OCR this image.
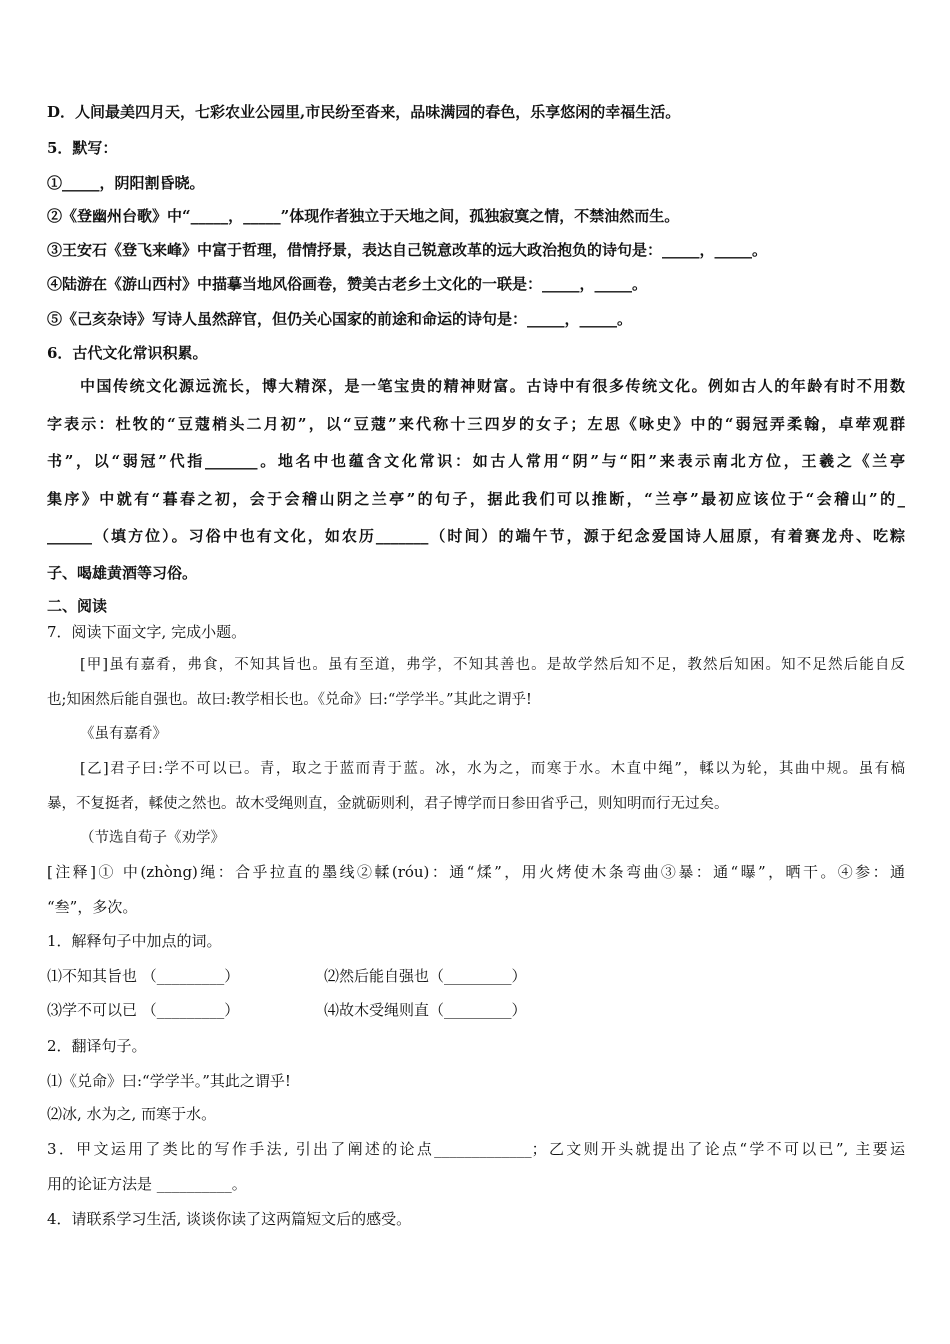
D．人间最美四月天，七彩农业公园里,市民纷至沓来，品味满园的春色，乐享悠闲的幸福生活。
5．默写：
①_____，阴阳割昏晓。
②《登幽州台歌》中“_____，_____”体现作者独立于天地之间，孤独寂寞之情，不禁油然而生。
③王安石《登飞来峰》中富于哲理，借情抒景，表达自己锐意改革的远大政治抱负的诗句是：_____，_____。
④陆游在《游山西村》中描摹当地风俗画卷，赞美古老乡土文化的一联是：_____，_____。
⑤《己亥杂诗》写诗人虽然辞官，但仍关心国家的前途和命运的诗句是：_____，_____。
6．古代文化常识积累。
中国传统文化源远流长，博大精深，是一笔宝贵的精神财富。古诗中有很多传统文化。例如古人的年龄有时不用数
字表示：杜牧的“豆蔻梢头二月初”，以“豆蔻”来代称十三四岁的女子；左思《咏史》中的“弱冠弄柔翰，卓荦观群
书”，以“弱冠”代指_______。地名中也蕴含文化常识：如古人常用“阴”与“阳”来表示南北方位，王羲之《兰亭
集序》中就有“暮春之初，会于会稽山阴之兰亭”的句子，据此我们可以推断，“兰亭”最初应该位于“会稽山”的_
______（填方位）。习俗中也有文化，如农历_______（时间）的端午节，源于纪念爱国诗人屈原，有着赛龙舟、吃粽
子、喝雄黄酒等习俗。
二、阅读
7．阅读下面文字, 完成小题。
[甲]虽有嘉肴，弗食，不知其旨也。虽有至道，弗学，不知其善也。是故学然后知不足，教然后知困。知不足然后能自反
也;知困然后能自强也。故曰:教学相长也。《兑命》曰:“学学半。”其此之谓乎!
《虽有嘉肴》
[乙]君子曰:学不可以已。青，取之于蓝而青于蓝。冰，水为之，而寒于水。木直中绳”，輮以为轮，其曲中规。虽有槁
暴，不复挺者，輮使之然也。故木受绳则直，金就砺则利，君子博学而日参田省乎己，则知明而行无过矣。
（节选自荀子《劝学》
[注释]① 中(zhòng)绳：合乎拉直的墨线②輮(róu)：通“煣”，用火烤使木条弯曲③暴：通“曝”，晒干。④参：通
“叁”，多次。
1．解释句子中加点的词。
⑴不知其旨也 （_________）	⑵然后能自强也（_________）
⑶学不可以已 （_________）	⑷故木受绳则直（_________）
2．翻译句子。
⑴《兑命》曰:“学学半。”其此之谓乎!
⑵冰, 水为之, 而寒于水。
3．甲文运用了类比的写作手法, 引出了阐述的论点_____________；乙文则开头就提出了论点“学不可以已”, 主要运
用的论证方法是 __________。
4．请联系学习生活, 谈谈你读了这两篇短文后的感受。
